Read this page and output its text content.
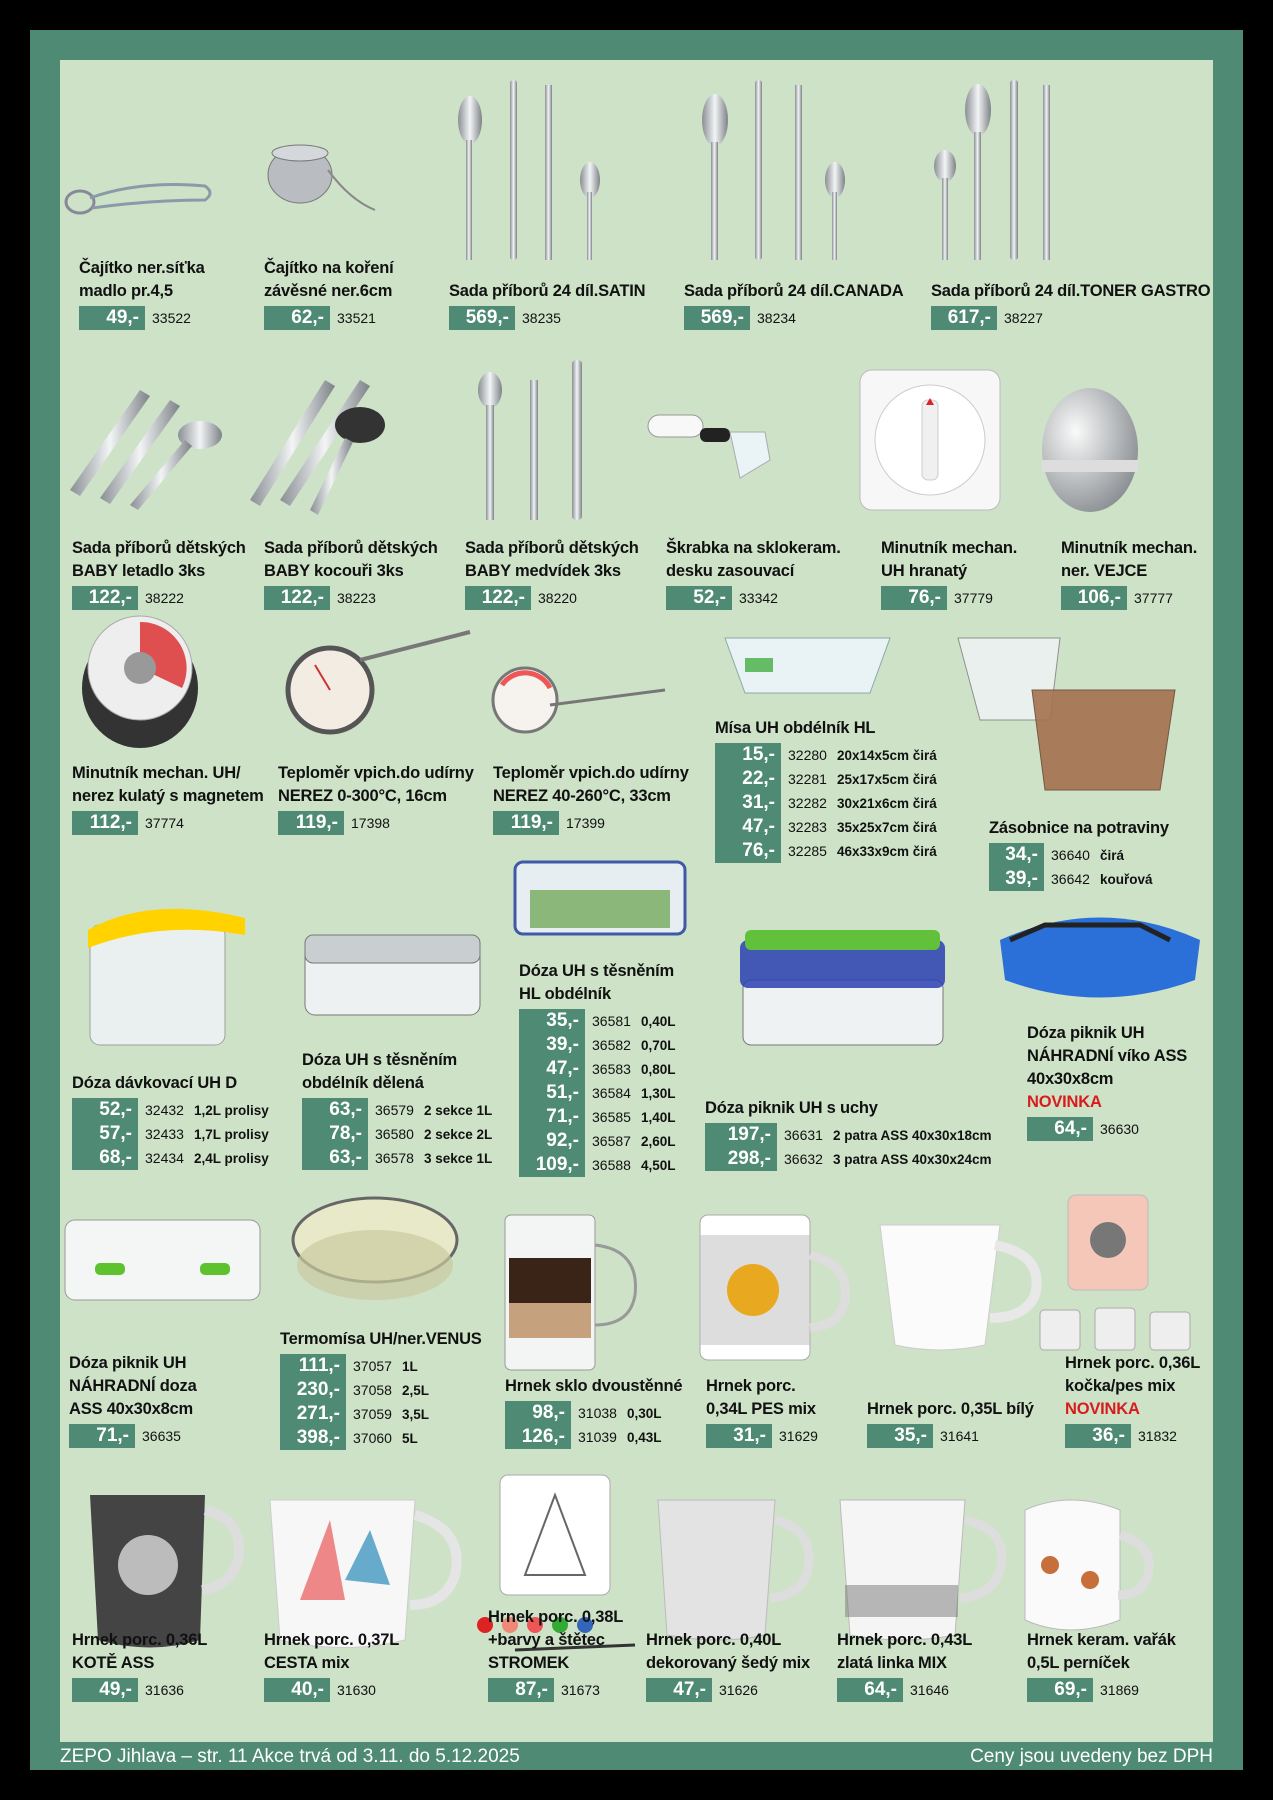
Čajítko ner.síťka
madlo pr.4,5
49,- 33522
Čajítko na koření
závěsné ner.6cm
62,- 33521
Sada příborů 24 díl.SATIN
569,- 38235
Sada příborů 24 díl.CANADA
569,- 38234
Sada příborů 24 díl.TONER GASTRO
617,- 38227
Sada příborů dětských
BABY letadlo 3ks
122,- 38222
Sada příborů dětských
BABY kocouři 3ks
122,- 38223
Sada příborů dětských
BABY medvídek 3ks
122,- 38220
Škrabka na sklokeram.
desku zasouvací
52,- 33342
Minutník mechan.
UH hranatý
76,- 37779
Minutník mechan.
ner. VEJCE
106,- 37777
Minutník mechan. UH/
nerez kulatý s magnetem
112,- 37774
Teploměr vpich.do udírny
NEREZ 0-300°C, 16cm
119,- 17398
Teploměr vpich.do udírny
NEREZ 40-260°C, 33cm
119,- 17399
Mísa UH obdélník HL
15,- 32280 20x14x5cm čirá
22,- 32281 25x17x5cm čirá
31,- 32282 30x21x6cm čirá
47,- 32283 35x25x7cm čirá
76,- 32285 46x33x9cm čirá
Zásobnice na potraviny
34,- 36640 čirá
39,- 36642 kouřová
Dóza dávkovací UH D
52,- 32432 1,2L prolisy
57,- 32433 1,7L prolisy
68,- 32434 2,4L prolisy
Dóza UH s těsněním
obdélník dělená
63,- 36579 2 sekce 1L
78,- 36580 2 sekce 2L
63,- 36578 3 sekce 1L
Dóza UH s těsněním
HL obdélník
35,- 36581 0,40L
39,- 36582 0,70L
47,- 36583 0,80L
51,- 36584 1,30L
71,- 36585 1,40L
92,- 36587 2,60L
109,- 36588 4,50L
Dóza piknik UH s uchy
197,- 36631 2 patra ASS 40x30x18cm
298,- 36632 3 patra ASS 40x30x24cm
Dóza piknik UH
NÁHRADNÍ víko ASS
40x30x8cm
NOVINKA
64,- 36630
Dóza piknik UH
NÁHRADNÍ doza
ASS 40x30x8cm
71,- 36635
Termomísa UH/ner.VENUS
111,- 37057 1L
230,- 37058 2,5L
271,- 37059 3,5L
398,- 37060 5L
Hrnek sklo dvoustěnné
98,- 31038 0,30L
126,- 31039 0,43L
Hrnek porc.
0,34L PES mix
31,- 31629
Hrnek porc. 0,35L bílý
35,- 31641
Hrnek porc. 0,36L
kočka/pes mix
NOVINKA
36,- 31832
Hrnek porc. 0,36L
KOTĚ ASS
49,- 31636
Hrnek porc. 0,37L
CESTA mix
40,- 31630
Hrnek porc. 0,38L
+barvy a štětec
STROMEK
87,- 31673
Hrnek porc. 0,40L
dekorovaný šedý mix
47,- 31626
Hrnek porc. 0,43L
zlatá linka MIX
64,- 31646
Hrnek keram. vařák
0,5L perníček
69,- 31869
ZEPO Jihlava – str. 11 Akce trvá od 3.11. do 5.12.2025	Ceny jsou uvedeny bez DPH
